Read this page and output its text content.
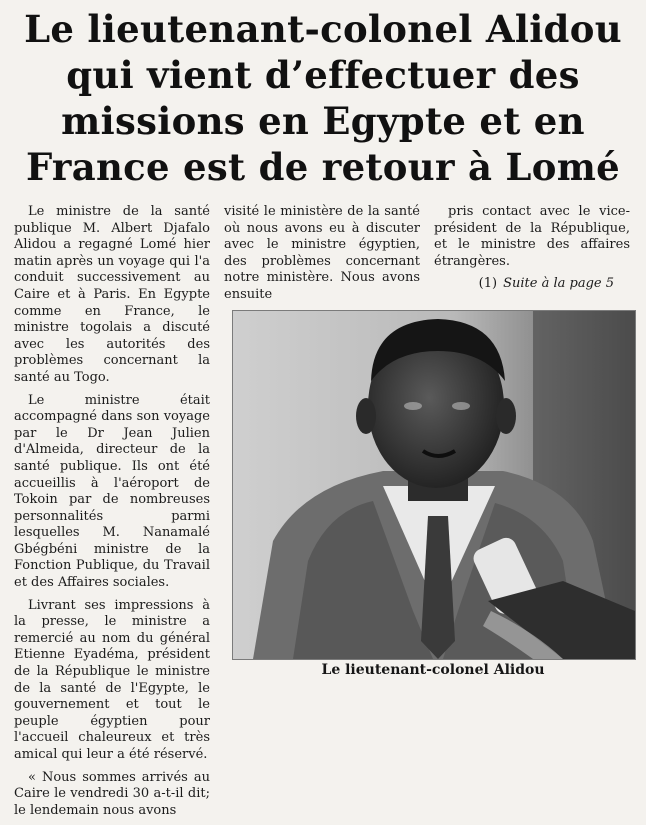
Le lieutenant-colonel Alidou
qui vient d’effectuer des
missions en Egypte et en
France est de retour à Lomé

Le ministre de la santé publique M. Albert Djafalo Alidou a regagné Lomé hier matin après un voyage qui l'a conduit successivement au Caire et à Paris. En Egypte comme en France, le ministre togolais a discuté avec les autorités des problèmes concernant la santé au Togo.

Le ministre était accompagné dans son voyage par le Dr Jean Julien d'Almeida, directeur de la santé publique. Ils ont été accueillis à l'aéroport de Tokoin par de nombreuses personnalités parmi lesquelles M. Nanamalé Gbégbéni ministre de la Fonction Publique, du Travail et des Affaires sociales.

Livrant ses impressions à la presse, le ministre a remercié au nom du général Etienne Eyadéma, président de la République le ministre de la santé de l'Egypte, le gouvernement et tout le peuple égyptien pour l'accueil chaleureux et très amical qui leur a été réservé.

« Nous sommes arrivés au Caire le vendredi 30 a-t-il dit; le lendemain nous avons

visité le ministère de la santé où nous avons eu à discuter avec le ministre égyptien, des problèmes concernant notre ministère. Nous avons ensuite

pris contact avec le vice-président de la République, et le ministre des affaires étrangères.

(1) Suite à la page 5
Le lieutenant-colonel Alidou
